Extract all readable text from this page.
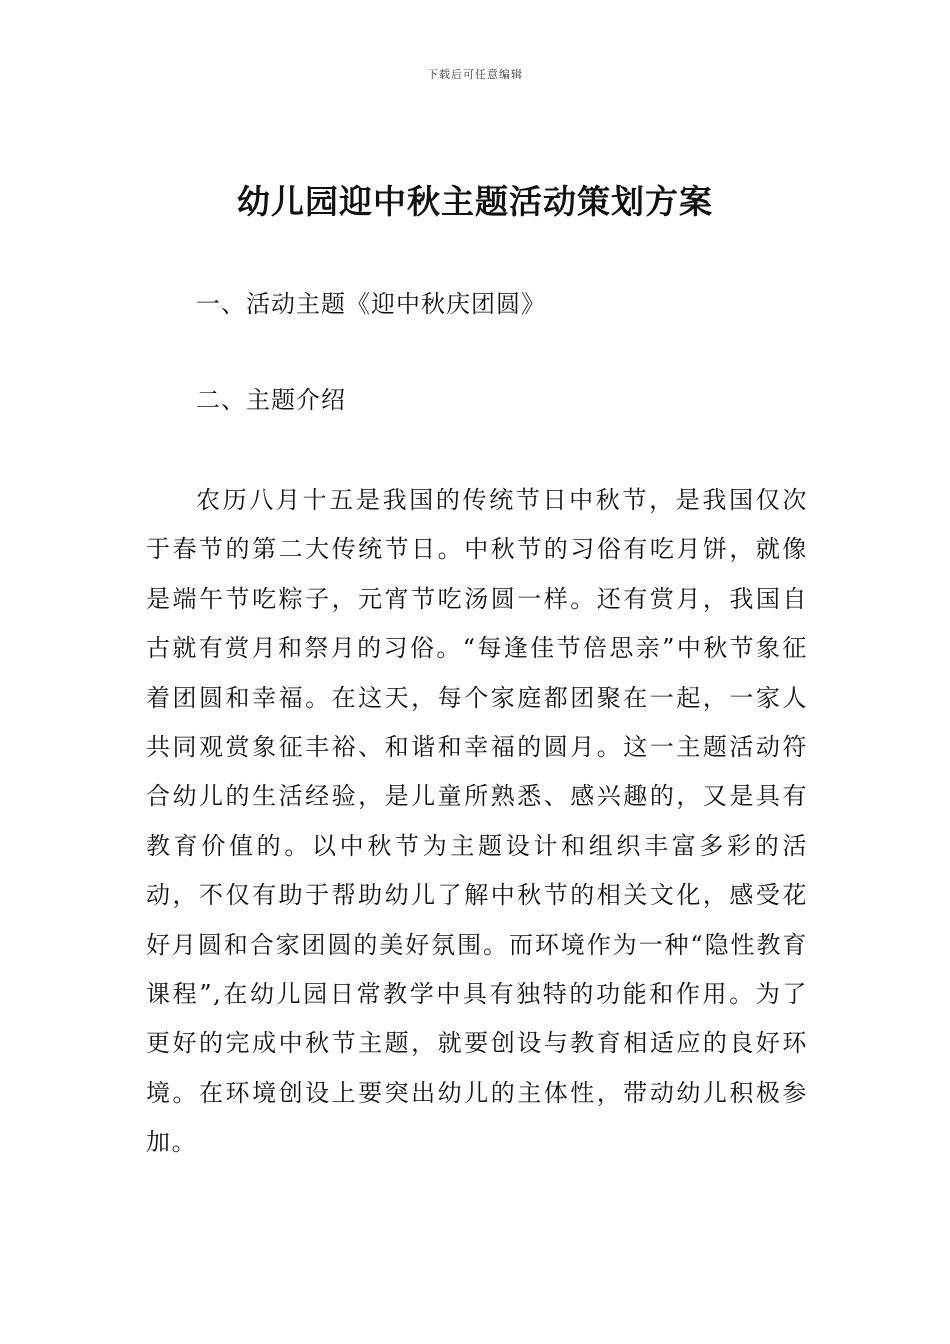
下载后可任意编辑
幼儿园迎中秋主题活动策划方案
一、活动主题《迎中秋庆团圆》
二、主题介绍

农历八月十五是我国的传统节日中秋节，是我国仅次于春节的第二大传统节日。中秋节的习俗有吃月饼，就像是端午节吃粽子，元宵节吃汤圆一样。还有赏月，我国自古就有赏月和祭月的习俗。“每逢佳节倍思亲”中秋节象征着团圆和幸福。在这天，每个家庭都团聚在一起，一家人共同观赏象征丰裕、和谐和幸福的圆月。这一主题活动符合幼儿的生活经验，是儿童所熟悉、感兴趣的，又是具有教育价值的。以中秋节为主题设计和组织丰富多彩的活动，不仅有助于帮助幼儿了解中秋节的相关文化，感受花好月圆和合家团圆的美好氛围。而环境作为一种“隐性教育课程”,在幼儿园日常教学中具有独特的功能和作用。为了更好的完成中秋节主题，就要创设与教育相适应的良好环境。在环境创设上要突出幼儿的主体性，带动幼儿积极参加。
